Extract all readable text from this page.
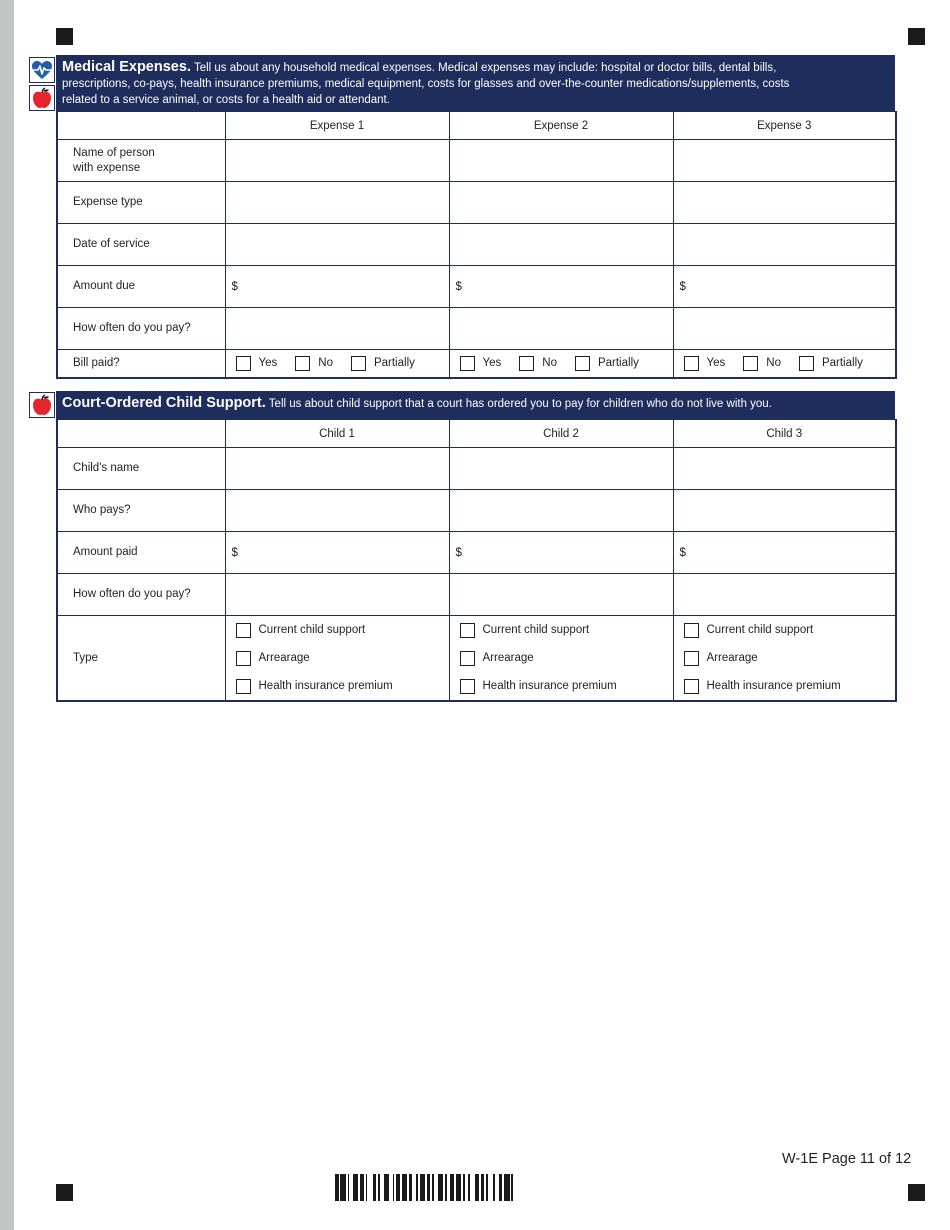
Medical Expenses. Tell us about any household medical expenses. Medical expenses may include: hospital or doctor bills, dental bills,
prescriptions, co-pays, health insurance premiums, medical equipment, costs for glasses and over-the-counter medications/supplements, costs
related to a service animal, or costs for a health aid or attendant.
	Expense 1	Expense 2	Expense 3
Name of person
with expense			
Expense type			
Date of service			
Amount due	$	$	$
How often do you pay?			
Bill paid?	Yes No Partially	Yes No Partially	Yes No Partially
Court-Ordered Child Support. Tell us about child support that a court has ordered you to pay for children who do not live with you.
	Child 1	Child 2	Child 3
Child's name			
Who pays?			
Amount paid	$	$	$
How often do you pay?			
Type	Current child support
Arrearage
Health insurance premium	Current child support
Arrearage
Health insurance premium	Current child support
Arrearage
Health insurance premium
W-1E Page 11 of 12
